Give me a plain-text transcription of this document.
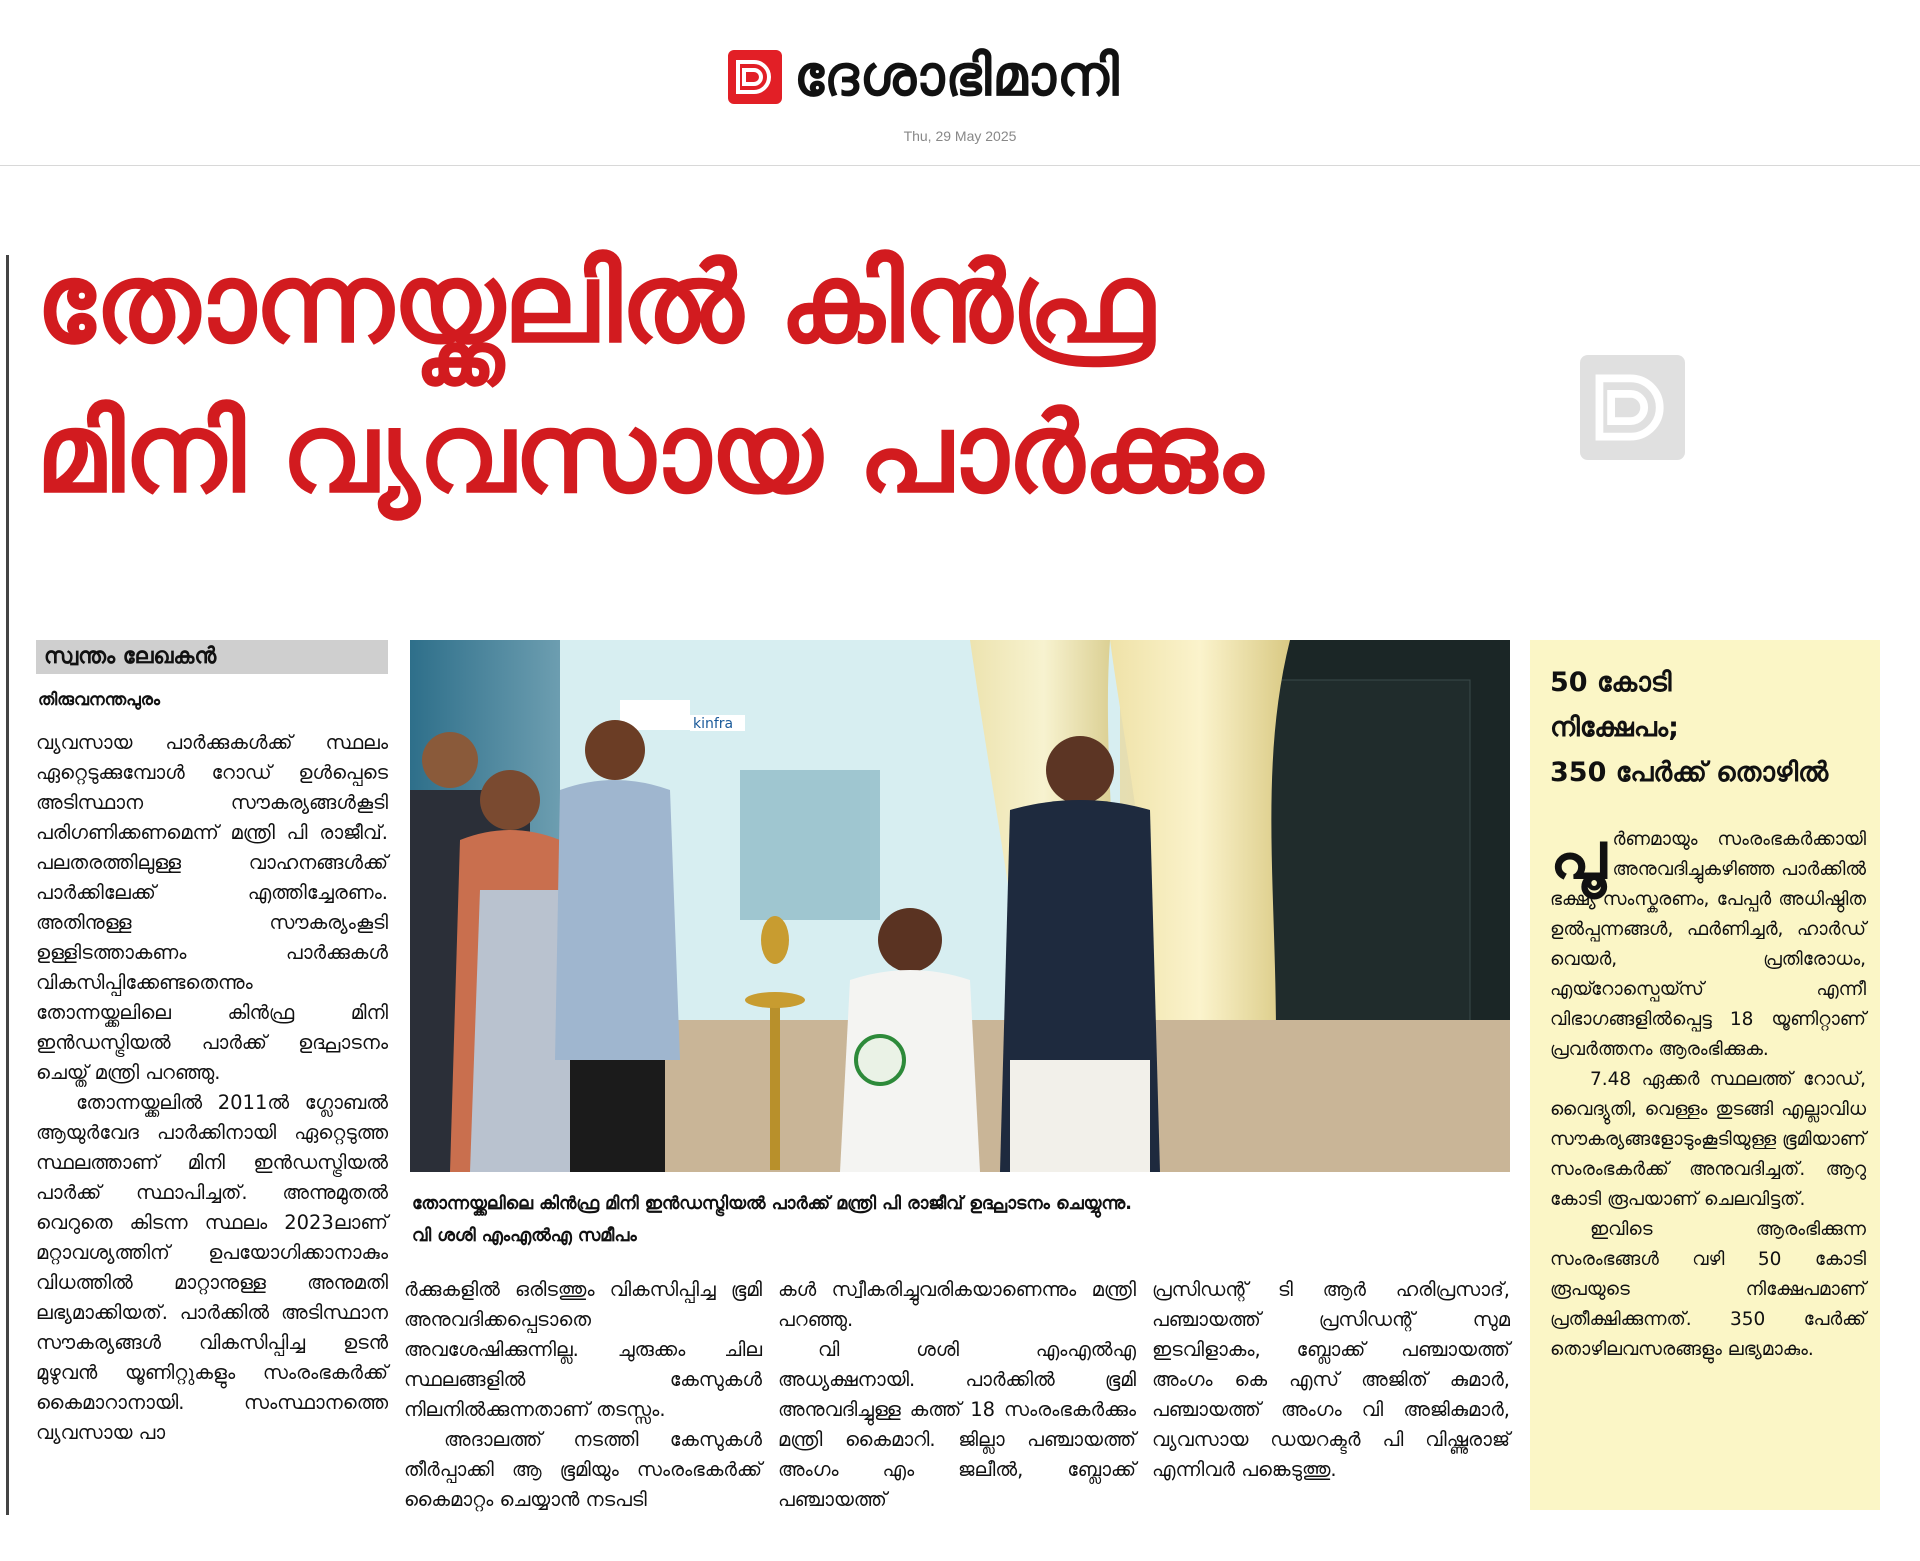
ദേശാഭിമാനി
Thu, 29 May 2025
തോന്നയ്ക്കലിൽ കിൻഫ്ര
മിനി വ്യവസായ പാർക്കും
സ്വന്തം ലേഖകൻ
തിരുവനന്തപുരം

വ്യവസായ പാർക്കുകൾക്ക് സ്ഥലം ഏറ്റെടുക്കുമ്പോൾ റോഡ് ഉൾപ്പെടെ അടിസ്ഥാന സൗകര്യങ്ങൾകൂടി പരിഗണിക്കണമെന്ന് മന്ത്രി പി രാജീവ്. പലതരത്തിലുള്ള വാഹനങ്ങൾക്ക് പാർക്കിലേക്ക് എത്തിച്ചേരണം. അതിനുള്ള സൗകര്യംകൂടി ഉള്ളിടത്താകണം പാർക്കുകൾ വികസിപ്പിക്കേണ്ടതെന്നും തോന്നയ്ക്കലിലെ കിൻഫ്ര മിനി ഇൻഡസ്ട്രിയൽ പാർക്ക് ഉദ്ഘാടനം ചെയ്ത് മന്ത്രി പറഞ്ഞു.

തോന്നയ്ക്കലിൽ 2011ൽ ഗ്ലോബൽ ആയുർവേദ പാർക്കിനായി ഏറ്റെടുത്ത സ്ഥലത്താണ് മിനി ഇൻഡസ്ട്രിയൽ പാർക്ക് സ്ഥാപിച്ചത്. അന്നുമുതൽ വെറുതെ കിടന്ന സ്ഥലം 2023ലാണ് മറ്റാവശ്യത്തിന് ഉപയോഗിക്കാനാകും വിധത്തിൽ മാറ്റാനുള്ള അനുമതി ലഭ്യമാക്കിയത്. പാർക്കിൽ അടിസ്ഥാന സൗകര്യങ്ങൾ വികസിപ്പിച്ച ഉടൻ മുഴുവൻ യൂണിറ്റുകളും സംരംഭകർക്ക് കൈമാറാനായി. സംസ്ഥാനത്തെ വ്യവസായ പാ

ർക്കുകളിൽ ഒരിടത്തും വികസിപ്പിച്ച ഭൂമി അനുവദിക്കപ്പെടാതെ അവശേഷിക്കുന്നില്ല. ചുരുക്കം ചില സ്ഥലങ്ങളിൽ കേസുകൾ നിലനിൽക്കുന്നതാണ് തടസ്സം.

അദാലത്ത് നടത്തി കേസുകൾ തീർപ്പാക്കി ആ ഭൂമിയും സംരംഭകർക്ക് കൈമാറ്റം ചെയ്യാൻ നടപടി

കൾ സ്വീകരിച്ചുവരികയാണെന്നും മന്ത്രി പറഞ്ഞു.

വി ശശി എംഎൽഎ അധ്യക്ഷനായി. പാർക്കിൽ ഭൂമി അനുവദിച്ചുള്ള കത്ത് 18 സംരംഭകർക്കും മന്ത്രി കൈമാറി. ജില്ലാ പഞ്ചായത്ത് അംഗം എം ജലീൽ, ബ്ലോക്ക് പഞ്ചായത്ത്

പ്രസിഡന്റ് ടി ആർ ഹരിപ്രസാദ്, പഞ്ചായത്ത് പ്രസിഡന്റ് സുമ ഇടവിളാകം, ബ്ലോക്ക് പഞ്ചായത്ത് അംഗം കെ എസ് അജിത് കുമാർ, പഞ്ചായത്ത് അംഗം വി അജികുമാർ, വ്യവസായ ഡയറക്ടർ പി വിഷ്ണുരാജ് എന്നിവർ പങ്കെടുത്തു.

kinfra
തോന്നയ്ക്കലിലെ കിൻഫ്ര മിനി ഇൻഡസ്ട്രിയൽ പാർക്ക് മന്ത്രി പി രാജീവ് ഉദ്ഘാടനം ചെയ്യുന്നു.
വി ശശി എംഎൽഎ സമീപം
50 കോടി
നിക്ഷേപം;
350 പേർക്ക് തൊഴിൽ

പൂർണമായും സംരംഭകർക്കായി അനുവദിച്ചുകഴിഞ്ഞ പാർക്കിൽ ഭക്ഷ്യ സംസ്കരണം, പേപ്പർ അധിഷ്ഠിത ഉൽപ്പന്നങ്ങൾ, ഫർണിച്ചർ, ഹാർഡ് വെയർ, പ്രതിരോധം, എയ്റോസ്പെയ്സ് എന്നീ വിഭാഗങ്ങളിൽപ്പെട്ട 18 യൂണിറ്റാണ് പ്രവർത്തനം ആരംഭിക്കുക.

7.48 ഏക്കർ സ്ഥലത്ത് റോഡ്, വൈദ്യുതി, വെള്ളം തുടങ്ങി എല്ലാവിധ സൗകര്യങ്ങളോടുംകൂടിയുള്ള ഭൂമിയാണ് സംരംഭകർക്ക് അനുവദിച്ചത്. ആറു കോടി രൂപയാണ് ചെലവിട്ടത്.

ഇവിടെ ആരംഭിക്കുന്ന സംരംഭങ്ങൾ വഴി 50 കോടി രൂപയുടെ നിക്ഷേപമാണ് പ്രതീക്ഷിക്കുന്നത്. 350 പേർക്ക് തൊഴിലവസരങ്ങളും ലഭ്യമാകും.
